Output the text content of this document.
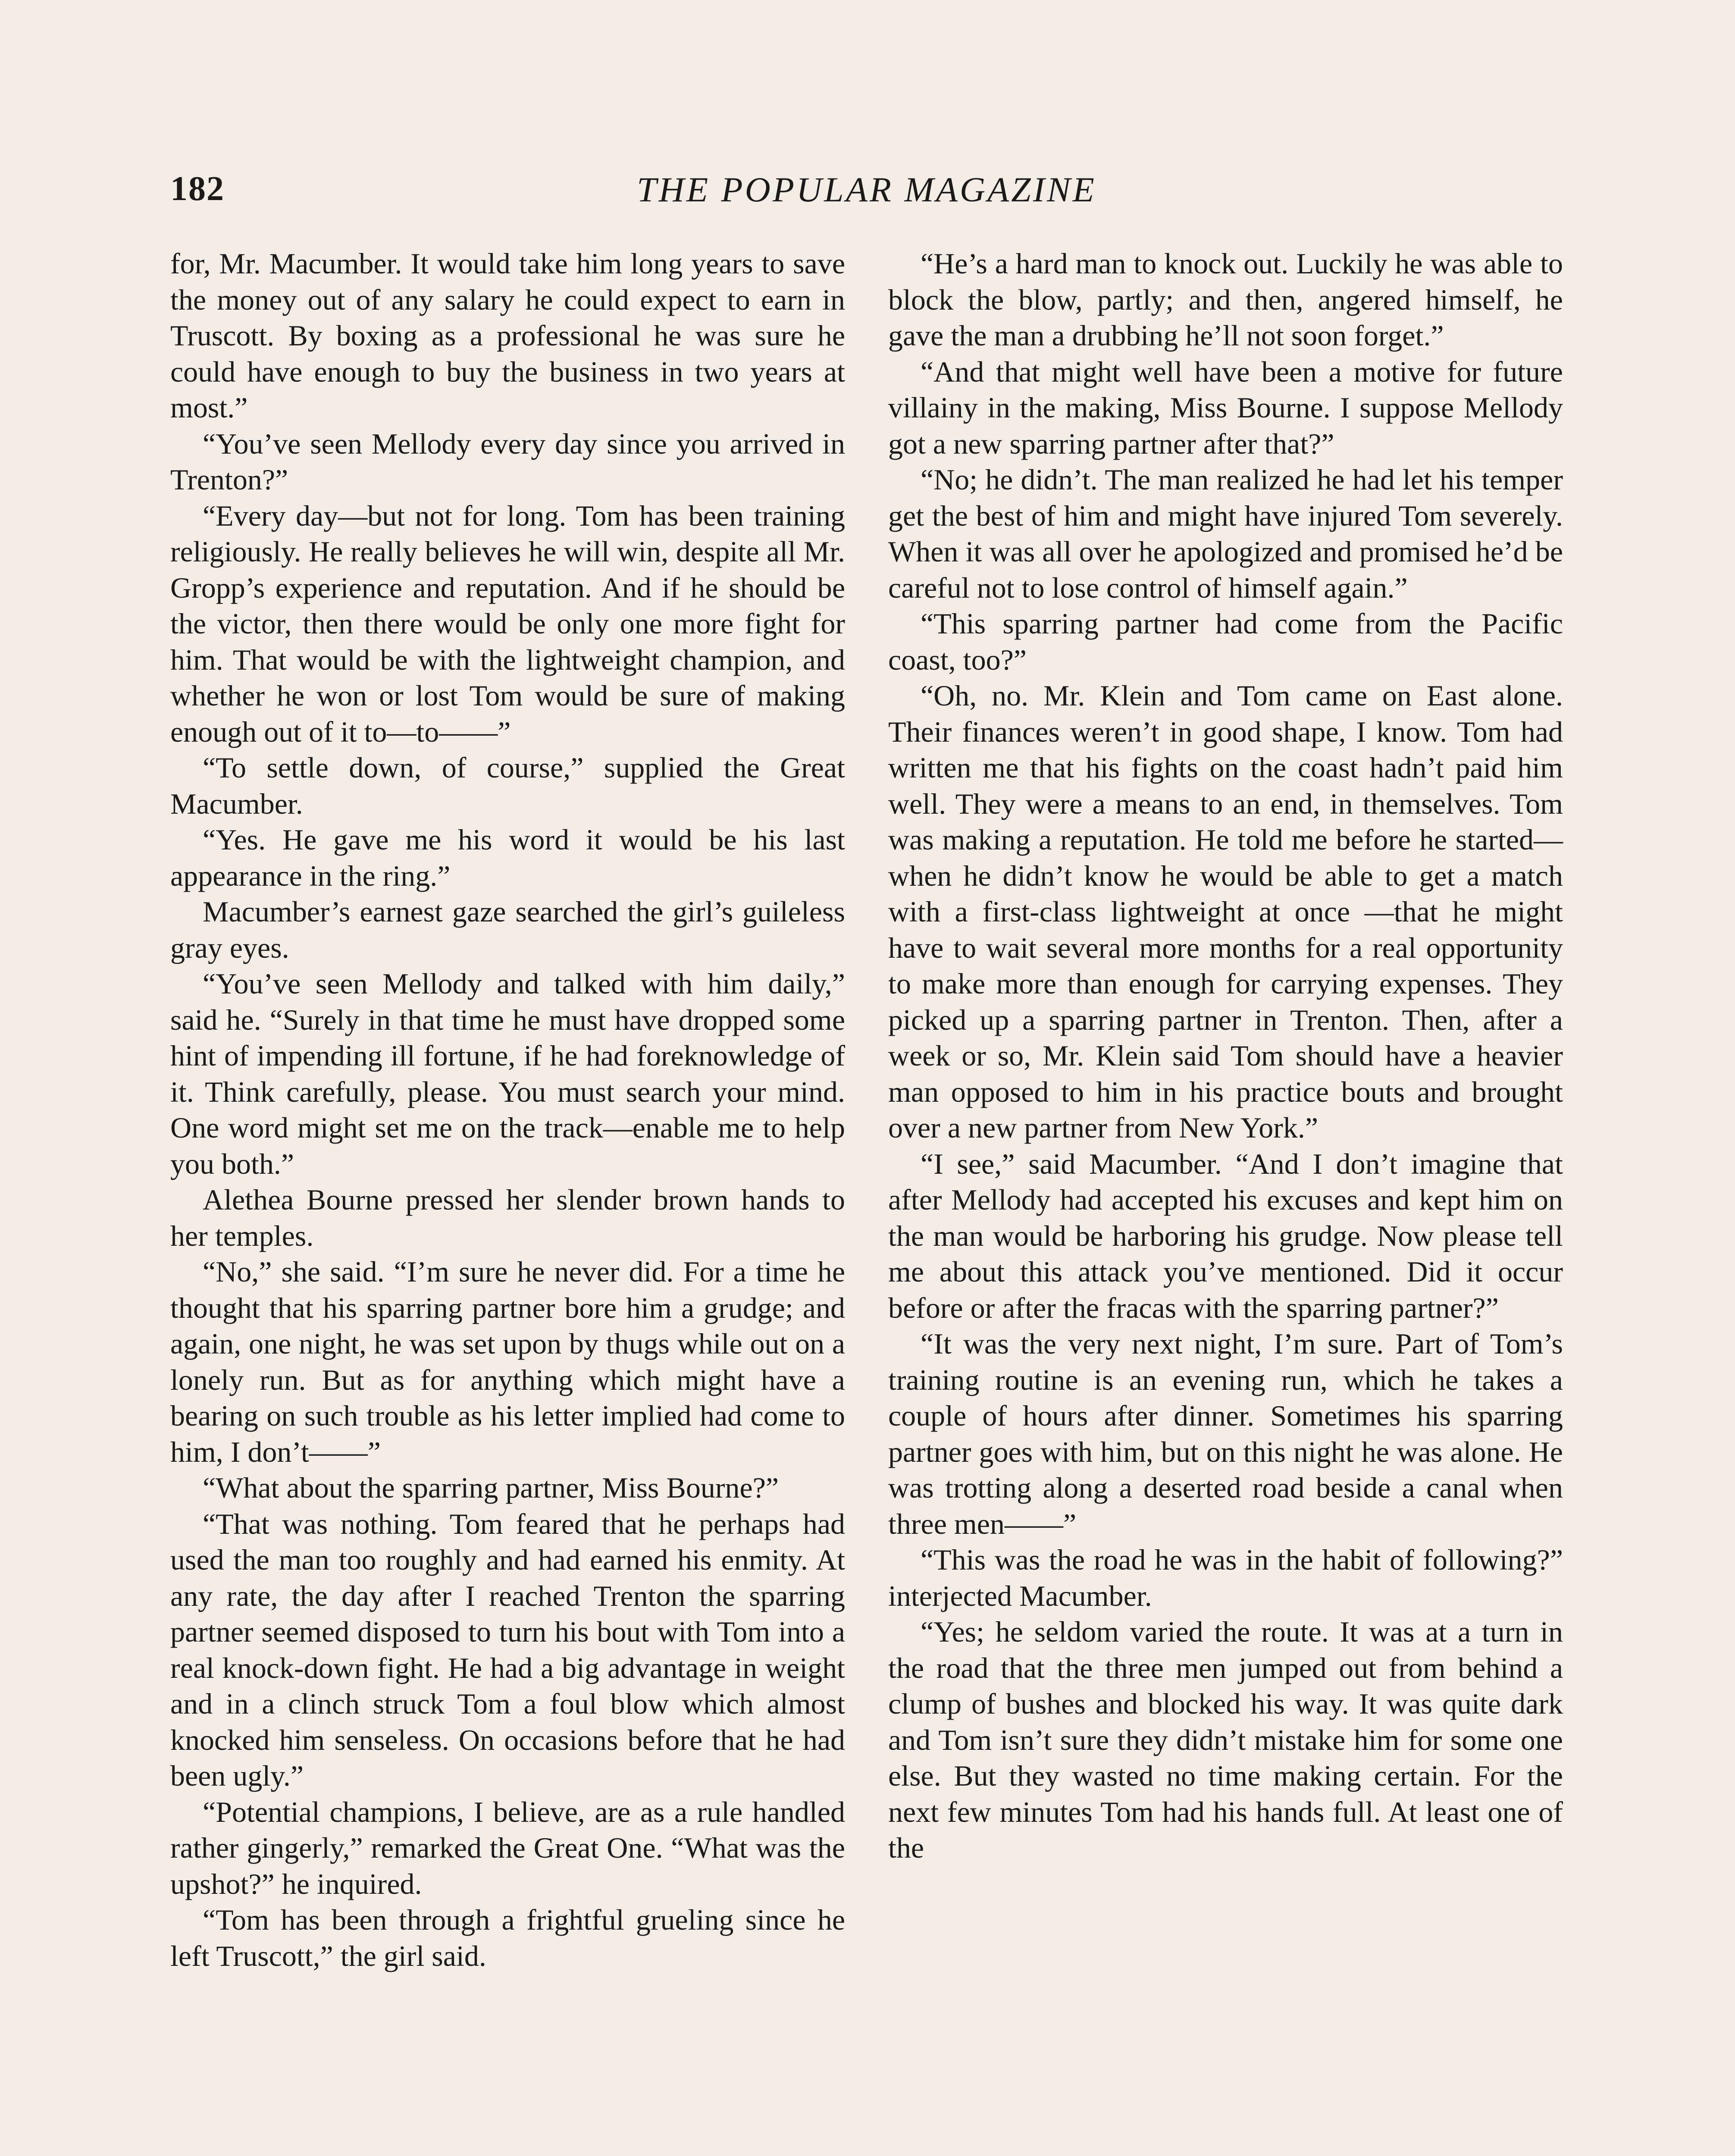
182	THE POPULAR MAGAZINE

for, Mr. Macumber. It would take him long years to save the money out of any salary he could expect to earn in Truscott. By boxing as a professional he was sure he could have enough to buy the business in two years at most.”

“You’ve seen Mellody every day since you arrived in Trenton?”

“Every day—but not for long. Tom has been training religiously. He really believes he will win, despite all Mr. Gropp’s experience and reputation. And if he should be the victor, then there would be only one more fight for him. That would be with the lightweight champion, and whether he won or lost Tom would be sure of making enough out of it to—to——”

“To settle down, of course,” supplied the Great Macumber.

“Yes. He gave me his word it would be his last appearance in the ring.”

Macumber’s earnest gaze searched the girl’s guileless gray eyes.

“You’ve seen Mellody and talked with him daily,” said he. “Surely in that time he must have dropped some hint of impending ill fortune, if he had foreknowledge of it. Think carefully, please. You must search your mind. One word might set me on the track—enable me to help you both.”

Alethea Bourne pressed her slender brown hands to her temples.

“No,” she said. “I’m sure he never did. For a time he thought that his sparring partner bore him a grudge; and again, one night, he was set upon by thugs while out on a lonely run. But as for anything which might have a bearing on such trouble as his letter implied had come to him, I don’t——”

“What about the sparring partner, Miss Bourne?”

“That was nothing. Tom feared that he perhaps had used the man too roughly and had earned his enmity. At any rate, the day after I reached Trenton the sparring partner seemed disposed to turn his bout with Tom into a real knock-down fight. He had a big advantage in weight and in a clinch struck Tom a foul blow which almost knocked him senseless. On occasions before that he had been ugly.”

“Potential champions, I believe, are as a rule handled rather gingerly,” remarked the Great One. “What was the upshot?” he inquired.

“Tom has been through a frightful grueling since he left Truscott,” the girl said.

“He’s a hard man to knock out. Luckily he was able to block the blow, partly; and then, angered himself, he gave the man a drubbing he’ll not soon forget.”

“And that might well have been a motive for future villainy in the making, Miss Bourne. I suppose Mellody got a new sparring partner after that?”

“No; he didn’t. The man realized he had let his temper get the best of him and might have injured Tom severely. When it was all over he apologized and promised he’d be careful not to lose control of himself again.”

“This sparring partner had come from the Pacific coast, too?”

“Oh, no. Mr. Klein and Tom came on East alone. Their finances weren’t in good shape, I know. Tom had written me that his fights on the coast hadn’t paid him well. They were a means to an end, in themselves. Tom was making a reputation. He told me before he started—when he didn’t know he would be able to get a match with a first-class lightweight at once —that he might have to wait several more months for a real opportunity to make more than enough for carrying expenses. They picked up a sparring partner in Trenton. Then, after a week or so, Mr. Klein said Tom should have a heavier man opposed to him in his practice bouts and brought over a new partner from New York.”

“I see,” said Macumber. “And I don’t imagine that after Mellody had accepted his excuses and kept him on the man would be harboring his grudge. Now please tell me about this attack you’ve mentioned. Did it occur before or after the fracas with the sparring partner?”

“It was the very next night, I’m sure. Part of Tom’s training routine is an evening run, which he takes a couple of hours after dinner. Sometimes his sparring partner goes with him, but on this night he was alone. He was trotting along a deserted road beside a canal when three men——”

“This was the road he was in the habit of following?” interjected Macumber.

“Yes; he seldom varied the route. It was at a turn in the road that the three men jumped out from behind a clump of bushes and blocked his way. It was quite dark and Tom isn’t sure they didn’t mistake him for some one else. But they wasted no time making certain. For the next few minutes Tom had his hands full. At least one of the
